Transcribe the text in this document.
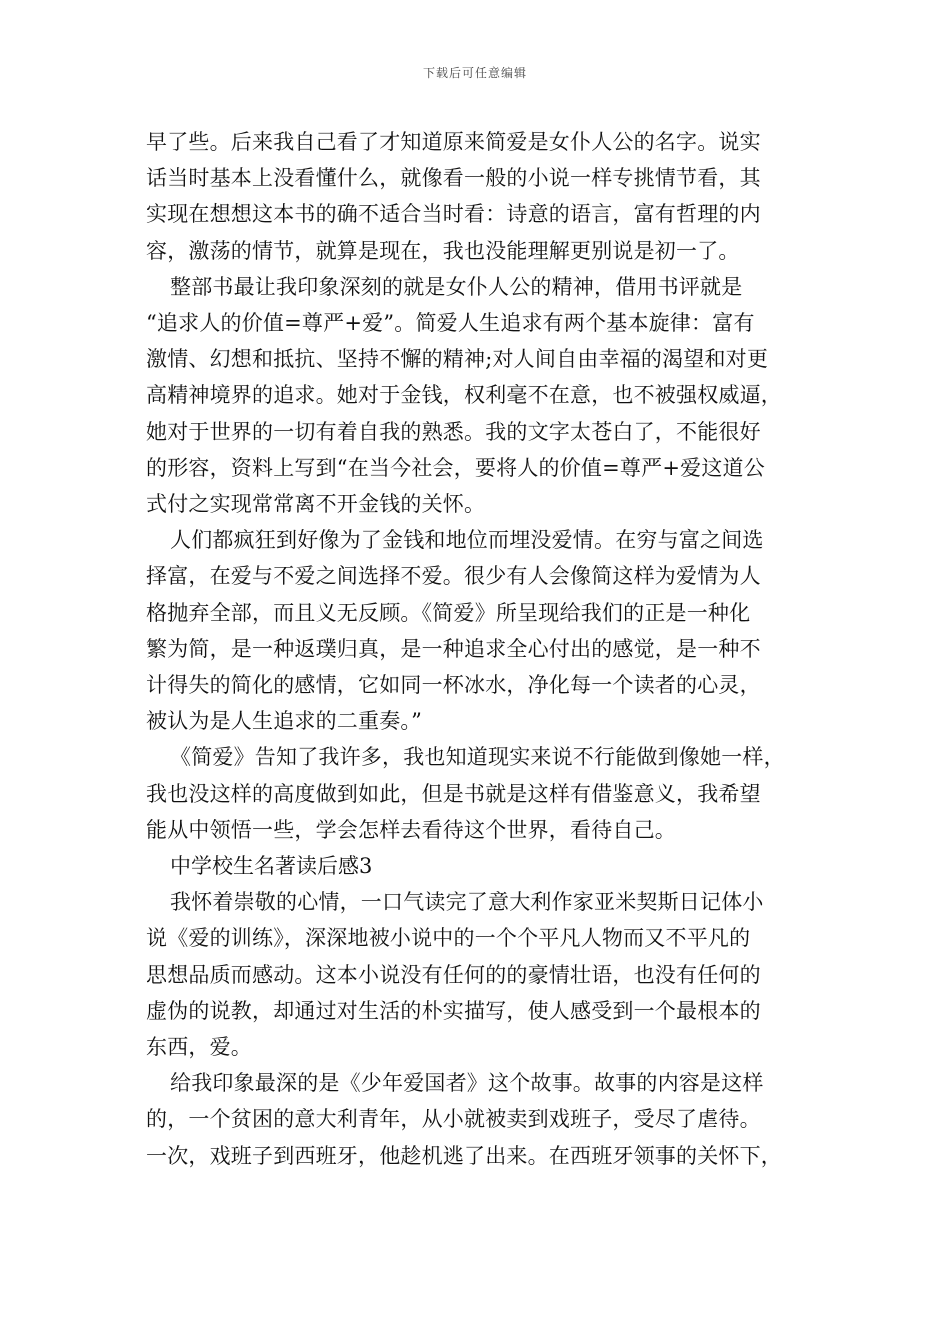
下载后可任意编辑
早了些。后来我自己看了才知道原来简爱是女仆人公的名字。说实
话当时基本上没看懂什么，就像看一般的小说一样专挑情节看，其
实现在想想这本书的确不适合当时看：诗意的语言，富有哲理的内
容，激荡的情节，就算是现在，我也没能理解更别说是初一了。
整部书最让我印象深刻的就是女仆人公的精神，借用书评就是
“追求人的价值=尊严+爱”。简爱人生追求有两个基本旋律：富有
激情、幻想和抵抗、坚持不懈的精神;对人间自由幸福的渴望和对更
高精神境界的追求。她对于金钱，权利毫不在意，也不被强权威逼，
她对于世界的一切有着自我的熟悉。我的文字太苍白了，不能很好
的形容，资料上写到“在当今社会，要将人的价值=尊严+爱这道公
式付之实现常常离不开金钱的关怀。
人们都疯狂到好像为了金钱和地位而埋没爱情。在穷与富之间选
择富，在爱与不爱之间选择不爱。很少有人会像简这样为爱情为人
格抛弃全部，而且义无反顾。《简爱》所呈现给我们的正是一种化
繁为简，是一种返璞归真，是一种追求全心付出的感觉，是一种不
计得失的简化的感情，它如同一杯冰水，净化每一个读者的心灵，
被认为是人生追求的二重奏。”
《简爱》告知了我许多，我也知道现实来说不行能做到像她一样，
我也没这样的高度做到如此，但是书就是这样有借鉴意义，我希望
能从中领悟一些，学会怎样去看待这个世界，看待自己。
中学校生名著读后感3
我怀着崇敬的心情，一口气读完了意大利作家亚米契斯日记体小
说《爱的训练》，深深地被小说中的一个个平凡人物而又不平凡的
思想品质而感动。这本小说没有任何的的豪情壮语，也没有任何的
虚伪的说教，却通过对生活的朴实描写，使人感受到一个最根本的
东西，爱。
给我印象最深的是《少年爱国者》这个故事。故事的内容是这样
的，一个贫困的意大利青年，从小就被卖到戏班子，受尽了虐待。
一次，戏班子到西班牙，他趁机逃了出来。在西班牙领事的关怀下，
